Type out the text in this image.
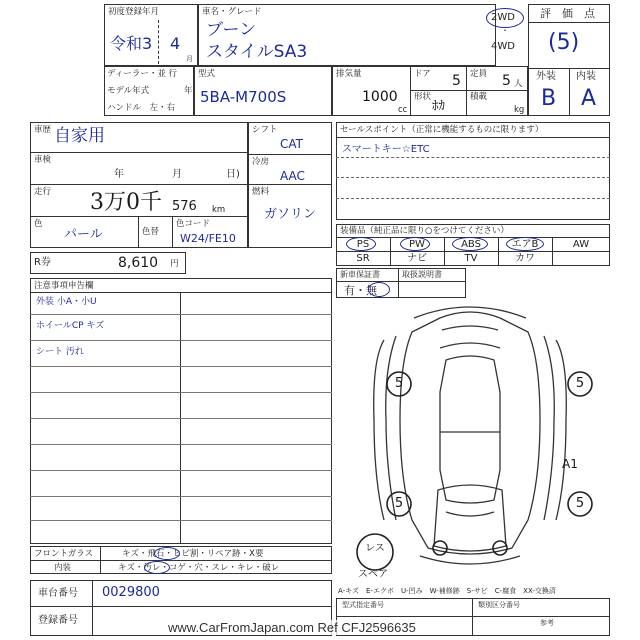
初度登録年月
令和3 4
月
車名・グレード
ブーン
スタイルSA3
2WD
・
4WD
評　価　点
(5)
外装 内装
B A
ディーラー・並 行
モデル年式	年
ハンドル　左・右
型式
5BA-M700S
排気量
1000
cc
ドア 5 定員 5 人
形状
ﾎｶ
積載
kg
車歴 自家用
車検
年	月	日)
走行 3万0千 576 km
色
パール	色替
色コード
W24/FE10
シフト
CAT
冷房
AAC
燃料
ガソリン
R券	8,610 円
セールスポイント（正常に機能するものに限ります）
スマートキー☆ETC
装備品（純正品に限り○をつけてください）
PS	PW	ABS	エアB	AW
SR	ナビ	TV	カワ
新車保証書	取扱説明書
有・無
注意事項申告欄
外装 小A・小U
ホイールCP キズ
シート 汚れ
5	5
5	5
A1
レス
スペア
フロントガラス	キズ・飛石・ヒビ割・リペア跡・X要
内装	キズ・汚レ・コゲ・穴・スレ・キレ・破レ
車台番号 0029800
登録番号
A-キズ　E-エクボ　U-凹み　W-補修跡　S-サビ　C-腐食　XX-交換済
型式指定番号	類別区分番号
参考
www.CarFromJapan.com Ref CFJ2596635
